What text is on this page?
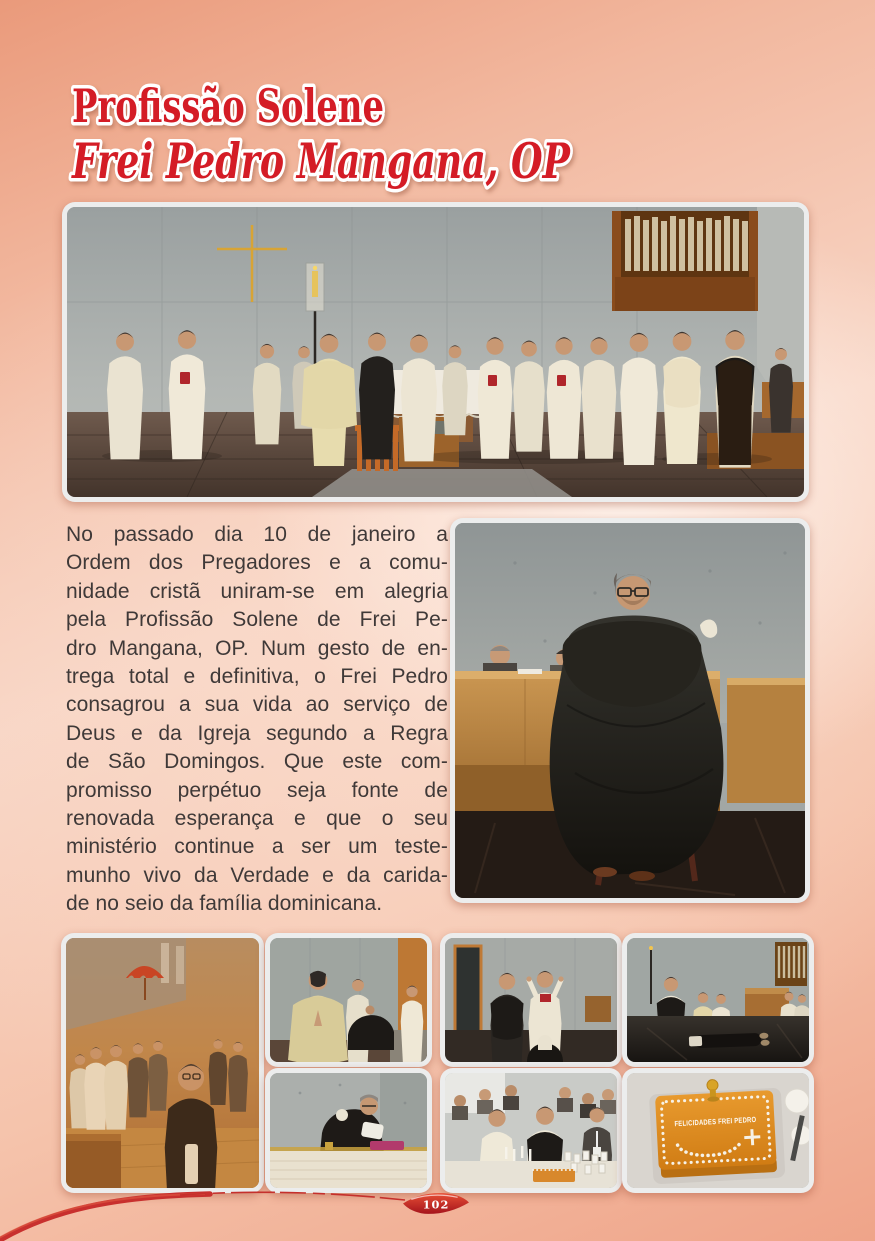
Profissão Solene
Frei Pedro Mangana, OP
No passado dia 10 de janeiro a
Ordem dos Pregadores e a comu-
nidade cristã uniram-se em alegria
pela Profissão Solene de Frei Pe-
dro Mangana, OP. Num gesto de en-
trega total e definitiva, o Frei Pedro
consagrou a sua vida ao serviço de
Deus e da Igreja segundo a Regra
de São Domingos. Que este com-
promisso perpétuo seja fonte de
renovada esperança e que o seu
ministério continue a ser um teste-
munho vivo da Verdade e da carida-
de no seio da família dominicana.
FELICIDADES FREI PEDRO
102
